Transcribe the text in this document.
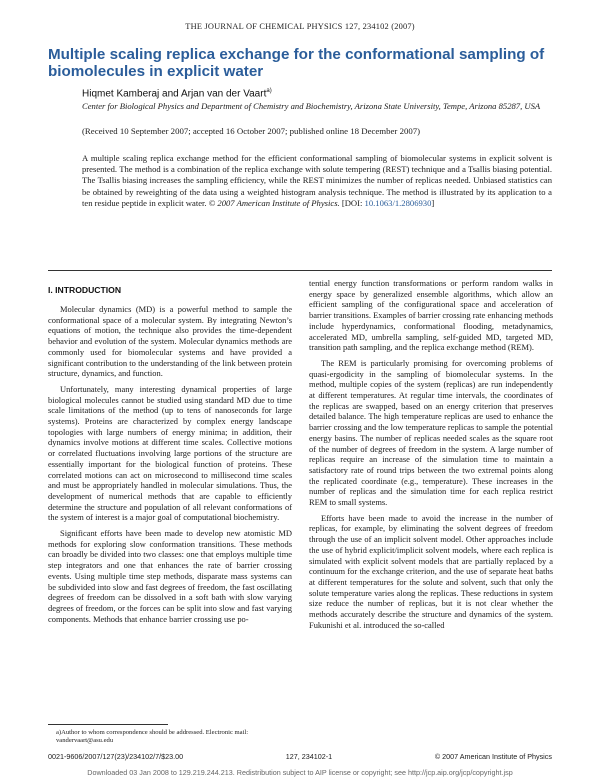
THE JOURNAL OF CHEMICAL PHYSICS 127, 234102 (2007)
Multiple scaling replica exchange for the conformational sampling of biomolecules in explicit water
Hiqmet Kamberaj and Arjan van der Vaart$^{a)}$
Center for Biological Physics and Department of Chemistry and Biochemistry, Arizona State University, Tempe, Arizona 85287, USA
(Received 10 September 2007; accepted 16 October 2007; published online 18 December 2007)
A multiple scaling replica exchange method for the efficient conformational sampling of biomolecular systems in explicit solvent is presented. The method is a combination of the replica exchange with solute tempering (REST) technique and a Tsallis biasing potential. The Tsallis biasing increases the sampling efficiency, while the REST minimizes the number of replicas needed. Unbiased statistics can be obtained by reweighting of the data using a weighted histogram analysis technique. The method is illustrated by its application to a ten residue peptide in explicit water. © 2007 American Institute of Physics. [DOI: 10.1063/1.2806930]
I. INTRODUCTION

Molecular dynamics (MD) is a powerful method to sample the conformational space of a molecular system. By integrating Newton’s equations of motion, the technique also provides the time-dependent behavior and evolution of the system. Molecular dynamics methods are commonly used for biomolecular systems and have provided a significant contribution to the understanding of the link between protein structure, dynamics, and function.

Unfortunately, many interesting dynamical properties of large biological molecules cannot be studied using standard MD due to time scale limitations of the method (up to tens of nanoseconds for large systems). Proteins are characterized by complex energy landscape topologies with large numbers of energy minima; in addition, their dynamics involve motions at different time scales. Collective motions or correlated fluctuations involving large portions of the structure are essentially important for the biological function of proteins. These correlated motions can act on microsecond to millisecond time scales and must be appropriately handled in molecular simulations. Thus, the development of numerical methods that are capable to efficiently determine the structure and population of all relevant conformations of the system of interest is a major goal of computational biochemistry.

Significant efforts have been made to develop new atomistic MD methods for exploring slow conformation transitions. These methods can broadly be divided into two classes: one that employs multiple time step integrators and one that enhances the rate of barrier crossing events. Using multiple time step methods, disparate mass systems can be subdivided into slow and fast degrees of freedom, the fast oscillating degrees of freedom can be dissolved in a soft bath with slow varying degrees of freedom, or the forces can be split into slow and fast varying components. Methods that enhance barrier crossing use po-

tential energy function transformations or perform random walks in energy space by generalized ensemble algorithms, which allow an efficient sampling of the configurational space and acceleration of barrier transitions. Examples of barrier crossing rate enhancing methods include hyperdynamics, conformational flooding, metadynamics, accelerated MD, umbrella sampling, self-guided MD, targeted MD, transition path sampling, and the replica exchange method (REM).

The REM is particularly promising for overcoming problems of quasi-ergodicity in the sampling of biomolecular systems. In the method, multiple copies of the system (replicas) are run independently at different temperatures. At regular time intervals, the coordinates of the replicas are swapped, based on an energy criterion that preserves detailed balance. The high temperature replicas are used to enhance the barrier crossing and the low temperature replicas to sample the potential energy basins. The number of replicas needed scales as the square root of the number of degrees of freedom in the system. A large number of replicas require an increase of the simulation time to maintain a satisfactory rate of round trips between the two extremal points along the replicated coordinate (e.g., temperature). These increases in the number of replicas and the simulation time for each replica restrict REM to small systems.

Efforts have been made to avoid the increase in the number of replicas, for example, by eliminating the solvent degrees of freedom through the use of an implicit solvent model. Other approaches include the use of hybrid explicit/implicit solvent models, where each replica is simulated with explicit solvent models that are partially replaced by a continuum for the exchange criterion, and the use of separate heat baths at different temperatures for the solute and solvent, such that only the solute temperature varies along the replicas. These reductions in system size reduce the number of replicas, but it is not clear whether the methods accurately describe the structure and dynamics of the system. Fukunishi et al. introduced the so-called

a)Author to whom correspondence should be addressed. Electronic mail: vandervaart@asu.edu
0021-9606/2007/127(23)/234102/7/$23.00	127, 234102-1	© 2007 American Institute of Physics
Downloaded 03 Jan 2008 to 129.219.244.213. Redistribution subject to AIP license or copyright; see http://jcp.aip.org/jcp/copyright.jsp
